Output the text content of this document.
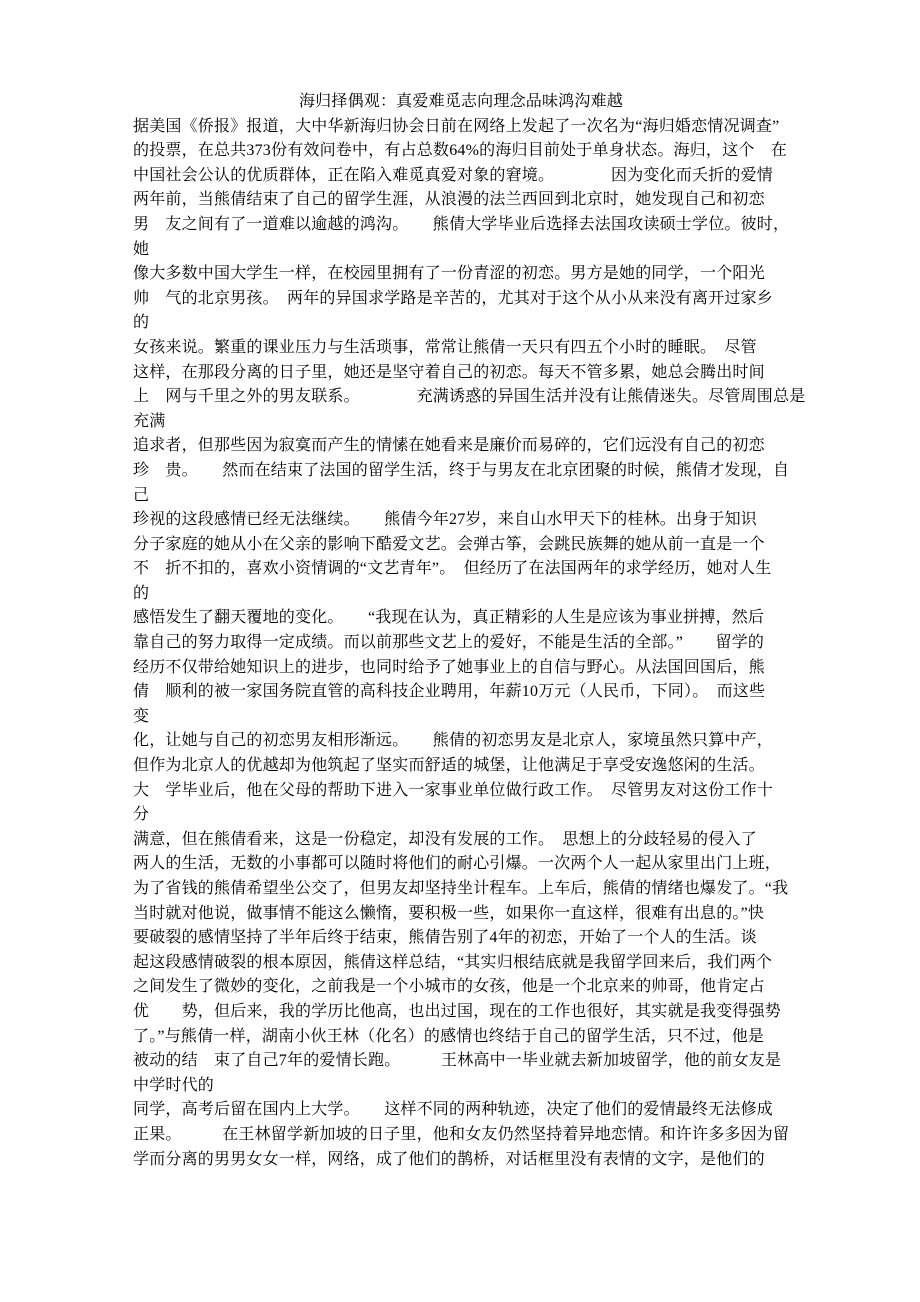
海归择偶观：真爱难觅志向理念品味鸿沟难越
据美国《侨报》报道，大中华新海归协会日前在网络上发起了一次名为“海归婚恋情况调查”
的投票，在总共373份有效问卷中，有占总数64%的海归目前处于单身状态。海归，这个　在
中国社会公认的优质群体，正在陷入难觅真爱对象的窘境。　　　　因为变化而夭折的爱情
两年前，当熊倩结束了自己的留学生涯，从浪漫的法兰西回到北京时，她发现自己和初恋
男　友之间有了一道难以逾越的鸿沟。　　熊倩大学毕业后选择去法国攻读硕士学位。彼时，
她
像大多数中国大学生一样，在校园里拥有了一份青涩的初恋。男方是她的同学，一个阳光
帅　气的北京男孩。　两年的异国求学路是辛苦的，尤其对于这个从小从来没有离开过家乡
的
女孩来说。繁重的课业压力与生活琐事，常常让熊倩一天只有四五个小时的睡眠。　尽管
这样，在那段分离的日子里，她还是坚守着自己的初恋。每天不管多累，她总会腾出时间
上　网与千里之外的男友联系。　　　　充满诱惑的异国生活并没有让熊倩迷失。尽管周围总是
充满
追求者，但那些因为寂寞而产生的情愫在她看来是廉价而易碎的，它们远没有自己的初恋
珍　贵。　　然而在结束了法国的留学生活，终于与男友在北京团聚的时候，熊倩才发现，自
己
珍视的这段感情已经无法继续。　　熊倩今年27岁，来自山水甲天下的桂林。出身于知识
分子家庭的她从小在父亲的影响下酷爱文艺。会弹古筝，会跳民族舞的她从前一直是一个
不　折不扣的，喜欢小资情调的“文艺青年”。　但经历了在法国两年的求学经历，她对人生
的
感悟发生了翻天覆地的变化。　　“我现在认为，真正精彩的人生是应该为事业拼搏，然后
靠自己的努力取得一定成绩。而以前那些文艺上的爱好，不能是生活的全部。”　　留学的
经历不仅带给她知识上的进步，也同时给予了她事业上的自信与野心。从法国回国后，熊
倩　顺利的被一家国务院直管的高科技企业聘用，年薪10万元（人民币，下同）。　而这些
变
化，让她与自己的初恋男友相形渐远。　　熊倩的初恋男友是北京人，家境虽然只算中产，
但作为北京人的优越却为他筑起了坚实而舒适的城堡，让他满足于享受安逸悠闲的生活。
大　学毕业后，他在父母的帮助下进入一家事业单位做行政工作。　尽管男友对这份工作十
分
满意，但在熊倩看来，这是一份稳定，却没有发展的工作。　思想上的分歧轻易的侵入了
两人的生活，无数的小事都可以随时将他们的耐心引爆。一次两个人一起从家里出门上班，
为了省钱的熊倩希望坐公交了，但男友却坚持坐计程车。上车后，熊倩的情绪也爆发了。“我
当时就对他说，做事情不能这么懒惰，要积极一些，如果你一直这样，很难有出息的。”快
要破裂的感情坚持了半年后终于结束，熊倩告别了4年的初恋，开始了一个人的生活。谈
起这段感情破裂的根本原因，熊倩这样总结，“其实归根结底就是我留学回来后，我们两个
之间发生了微妙的变化，之前我是一个小城市的女孩，他是一个北京来的帅哥，他肯定占
优　　势，但后来，我的学历比他高，也出过国，现在的工作也很好，其实就是我变得强势
了。”与熊倩一样，湖南小伙王林（化名）的感情也终结于自己的留学生活，只不过，他是
被动的结　束了自己7年的爱情长跑。　　　王林高中一毕业就去新加坡留学，他的前女友是
中学时代的
同学，高考后留在国内上大学。　　这样不同的两种轨迹，决定了他们的爱情最终无法修成
正果。　　　在王林留学新加坡的日子里，他和女友仍然坚持着异地恋情。和许许多多因为留
学而分离的男男女女一样，网络，成了他们的鹊桥，对话框里没有表情的文字，是他们的
